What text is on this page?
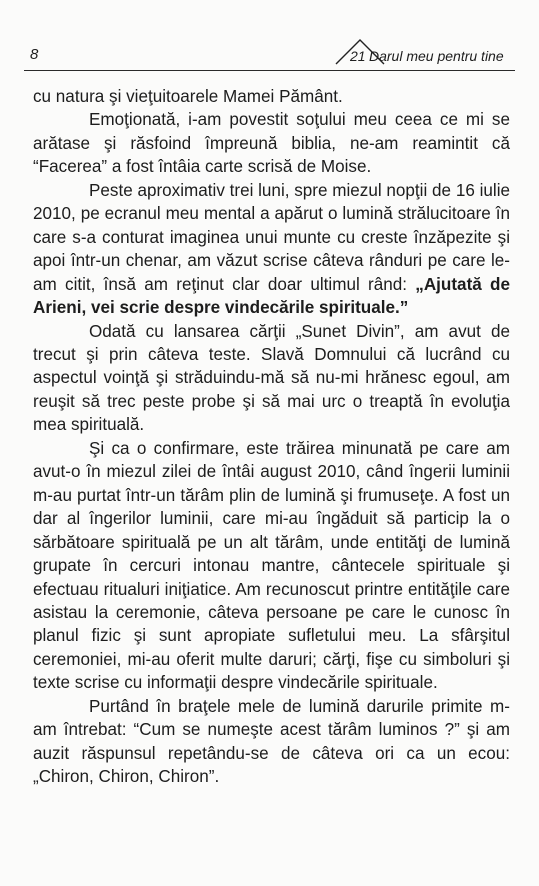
8	21 Darul meu pentru tine

cu natura şi vieţuitoarele Mamei Pământ.

Emoţionată, i-am povestit soţului meu ceea ce mi se arătase şi răsfoind împreună biblia, ne-am reamintit că “Facerea” a fost întâia carte scrisă de Moise.

Peste aproximativ trei luni, spre miezul nopţii de 16 iulie 2010, pe ecranul meu mental a apărut o lumină strălucitoare în care s-a conturat imaginea unui munte cu creste înzăpezite şi apoi într-un chenar, am văzut scrise câteva rânduri pe care le-am citit, însă am reţinut clar doar ultimul rând: „Ajutată de Arieni, vei scrie despre vindecările spirituale.”

Odată cu lansarea cărţii „Sunet Divin”, am avut de trecut şi prin câteva teste. Slavă Domnului că lucrând cu aspectul voinţă şi străduindu-mă să nu-mi hrănesc egoul, am reuşit să trec peste probe şi să mai urc o treaptă în evoluţia mea spirituală.

Şi ca o confirmare, este trăirea minunată pe care am avut-o în miezul zilei de întâi august 2010, când îngerii luminii m-au purtat într-un tărâm plin de lumină şi frumuseţe. A fost un dar al îngerilor luminii, care mi-au îngăduit să particip la o sărbătoare spirituală pe un alt tărâm, unde entităţi de lumină grupate în cercuri intonau mantre, cântecele spirituale şi efectuau ritualuri iniţiatice. Am recunoscut printre entităţile care asistau la ceremonie, câteva persoane pe care le cunosc în planul fizic şi sunt apropiate sufletului meu. La sfârşitul ceremoniei, mi-au oferit multe daruri; cărţi, fişe cu simboluri şi texte scrise cu informaţii despre vindecările spirituale.

Purtând în braţele mele de lumină darurile primite m-am întrebat: “Cum se numeşte acest tărâm luminos ?” şi am auzit răspunsul repetându-se de câteva ori ca un ecou: „Chiron, Chiron, Chiron”.
